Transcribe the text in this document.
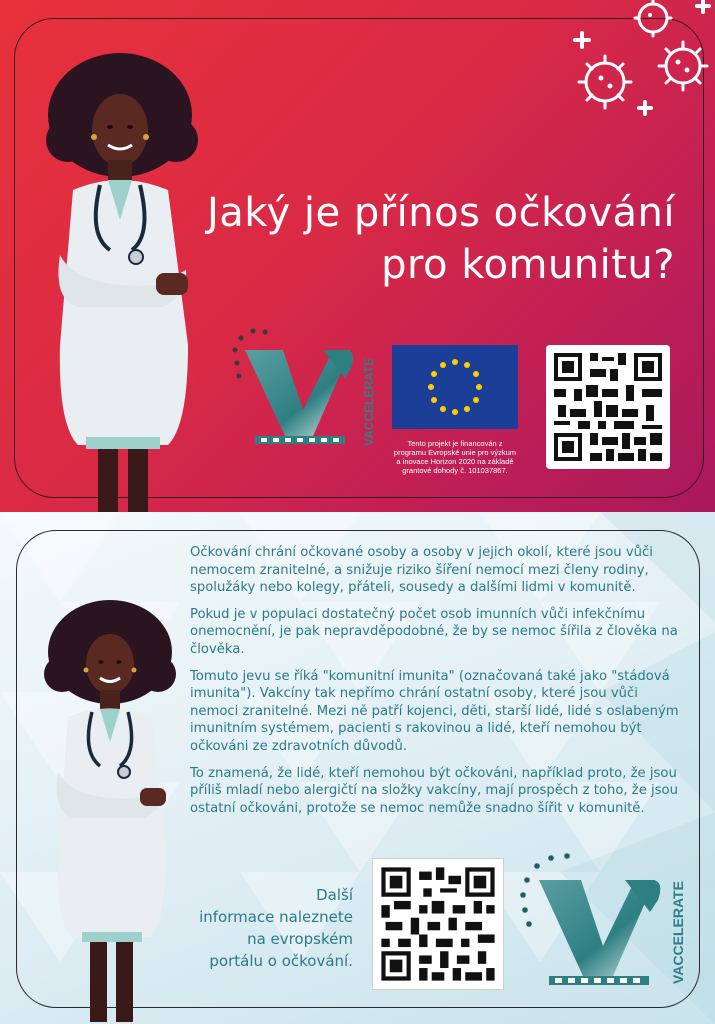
Jaký je přínos očkování
pro komunitu?
VACCELERATE	Tento projekt je financován z programu Evropské unie pro výzkum a inovace Horizon 2020 na základě grantové dohody č. 101037867.

Očkování chrání očkované osoby a osoby v jejich okolí, které jsou vůči nemocem zranitelné, a snižuje riziko šíření nemocí mezi členy rodiny, spolužáky nebo kolegy, přáteli, sousedy a dalšími lidmi v komunitě.

Pokud je v populaci dostatečný počet osob imunních vůči infekčnímu onemocnění, je pak nepravděpodobné, že by se nemoc šířila z člověka na člověka.

Tomuto jevu se říká "komunitní imunita" (označovaná také jako "stádová imunita"). Vakcíny tak nepřímo chrání ostatní osoby, které jsou vůči nemoci zranitelné. Mezi ně patří kojenci, děti, starší lidé, lidé s oslabeným imunitním systémem, pacienti s rakovinou a lidé, kteří nemohou být očkováni ze zdravotních důvodů.

To znamená, že lidé, kteří nemohou být očkováni, například proto, že jsou příliš mladí nebo alergičtí na složky vakcíny, mají prospěch z toho, že jsou ostatní očkováni, protože se nemoc nemůže snadno šířit v komunitě.

Další
informace naleznete
na evropském
portálu o očkování.	VACCELERATE
